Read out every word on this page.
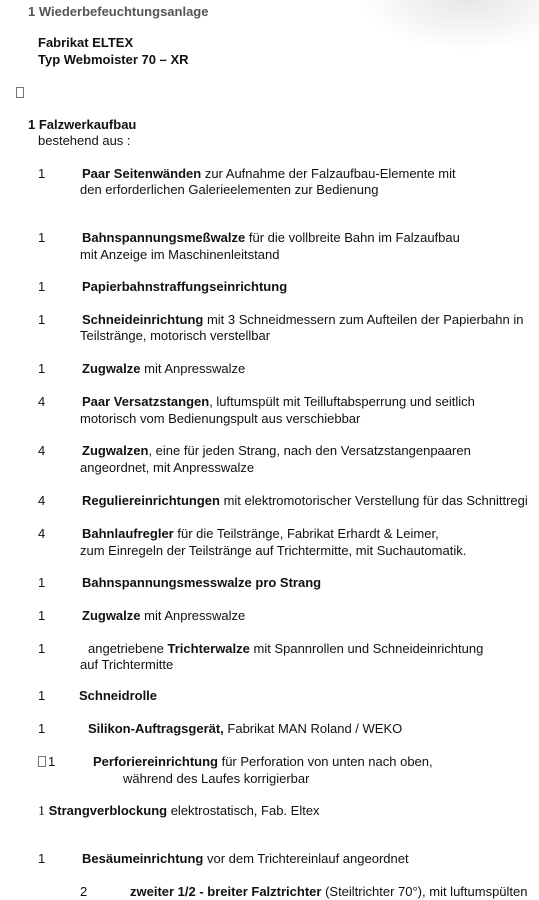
1 Wiederbefeuchtungsanlage
Fabrikat ELTEX
Typ Webmoister 70 – XR
1 Falzwerkaufbau
bestehend aus :
1	Paar Seitenwänden zur Aufnahme der Falzaufbau-Elemente mit
den erforderlichen Galerieelementen zur Bedienung
1	Bahnspannungsmeßwalze für die vollbreite Bahn im Falzaufbau
mit Anzeige im Maschinenleitstand
1	Papierbahnstraffungseinrichtung
1	Schneideinrichtung mit 3 Schneidmessern zum Aufteilen der Papierbahn in
Teilstränge, motorisch verstellbar
1	Zugwalze mit Anpresswalze
4	Paar Versatzstangen, luftumspült mit Teilluftabsperrung und seitlich
motorisch vom Bedienungspult aus verschiebbar
4	Zugwalzen, eine für jeden Strang, nach den Versatzstangenpaaren
angeordnet, mit Anpresswalze
4	Reguliereinrichtungen mit elektromotorischer Verstellung für das Schnittregi
4	Bahnlaufregler für die Teilstränge, Fabrikat Erhardt & Leimer,
zum Einregeln der Teilstränge auf Trichtermitte, mit Suchautomatik.
1	Bahnspannungsmesswalze pro Strang
1	Zugwalze mit Anpresswalze
1	angetriebene Trichterwalze mit Spannrollen und Schneideinrichtung
auf Trichtermitte
1	Schneidrolle
1	Silikon-Auftragsgerät, Fabrikat MAN Roland / WEKO
1	Perforiereinrichtung für Perforation von unten nach oben,
während des Laufes korrigierbar
1 Strangverblockung elektrostatisch, Fab. Eltex
1	Besäumeinrichtung vor dem Trichtereinlauf angeordnet
2	zweiter 1/2 - breiter Falztrichter (Steiltrichter 70°), mit luftumspülten
